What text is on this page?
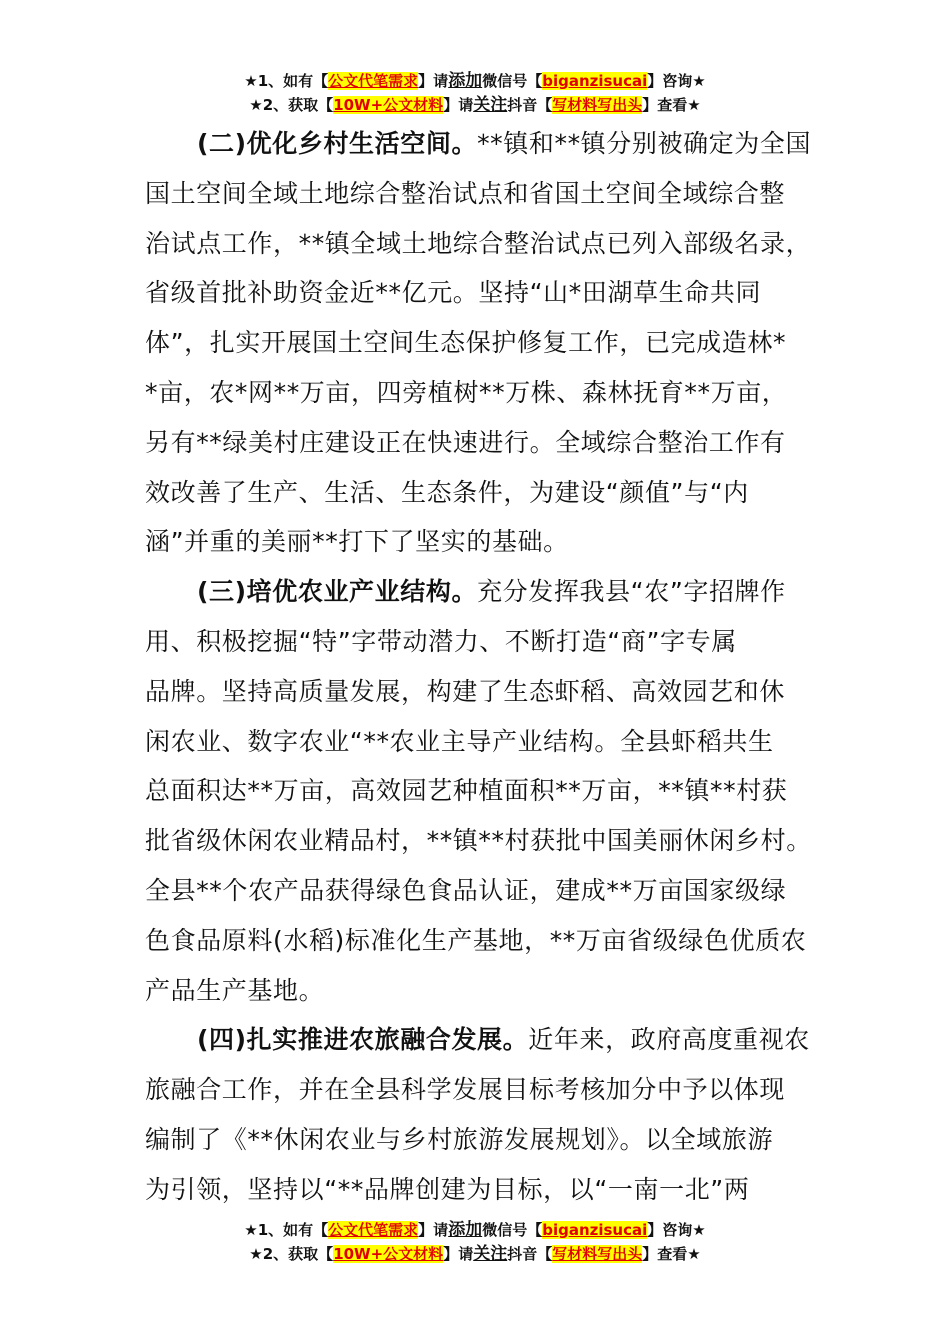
★1、如有【公文代笔需求】请添加微信号【biganzisucai】咨询★
★2、获取【10W+公文材料】请关注抖音【写材料写出头】查看★
(二)优化乡村生活空间。**镇和**镇分别被确定为全国
国土空间全域土地综合整治试点和省国土空间全域综合整
治试点工作，**镇全域土地综合整治试点已列入部级名录，
省级首批补助资金近**亿元。坚持“山*田湖草生命共同
体”，扎实开展国土空间生态保护修复工作，已完成造林*
*亩，农*网**万亩，四旁植树**万株、森林抚育**万亩，
另有**绿美村庄建设正在快速进行。全域综合整治工作有
效改善了生产、生活、生态条件，为建设“颜值”与“内
涵”并重的美丽**打下了坚实的基础。
(三)培优农业产业结构。充分发挥我县“农”字招牌作
用、积极挖掘“特”字带动潜力、不断打造“商”字专属
品牌。坚持高质量发展，构建了生态虾稻、高效园艺和休
闲农业、数字农业“**农业主导产业结构。全县虾稻共生
总面积达**万亩，高效园艺种植面积**万亩，**镇**村获
批省级休闲农业精品村，**镇**村获批中国美丽休闲乡村。
全县**个农产品获得绿色食品认证，建成**万亩国家级绿
色食品原料(水稻)标准化生产基地，**万亩省级绿色优质农
产品生产基地。
(四)扎实推进农旅融合发展。近年来，政府高度重视农
旅融合工作，并在全县科学发展目标考核加分中予以体现
编制了《**休闲农业与乡村旅游发展规划》。以全域旅游
为引领，坚持以“**品牌创建为目标，以“一南一北”两
★1、如有【公文代笔需求】请添加微信号【biganzisucai】咨询★
★2、获取【10W+公文材料】请关注抖音【写材料写出头】查看★
